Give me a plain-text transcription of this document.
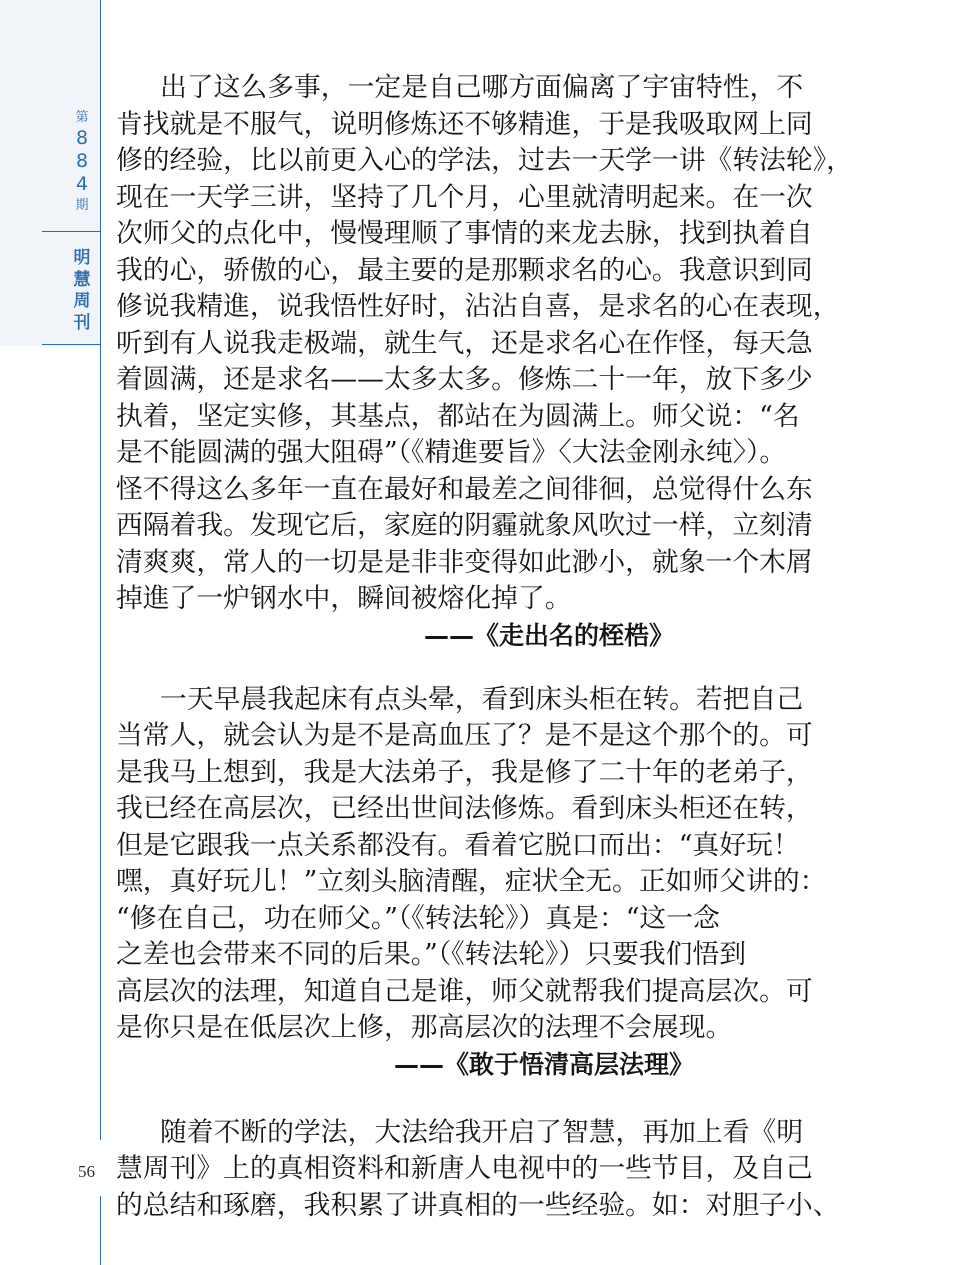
第
8
8
4
期
明
慧
周
刊
56
出了这么多事，一定是自己哪方面偏离了宇宙特性，不
肯找就是不服气，说明修炼还不够精進，于是我吸取网上同
修的经验，比以前更入心的学法，过去一天学一讲《转法轮》，
现在一天学三讲，坚持了几个月，心里就清明起来。在一次
次师父的点化中，慢慢理顺了事情的来龙去脉，找到执着自
我的心，骄傲的心，最主要的是那颗求名的心。我意识到同
修说我精進，说我悟性好时，沾沾自喜，是求名的心在表现，
听到有人说我走极端，就生气，还是求名心在作怪，每天急
着圆满，还是求名——太多太多。修炼二十一年，放下多少
执着，坚定实修，其基点，都站在为圆满上。师父说：“名
是不能圆满的强大阻碍”（《精進要旨》〈大法金刚永纯〉）。
怪不得这么多年一直在最好和最差之间徘徊，总觉得什么东
西隔着我。发现它后，家庭的阴霾就象风吹过一样，立刻清
清爽爽，常人的一切是是非非变得如此渺小，就象一个木屑
掉進了一炉钢水中，瞬间被熔化掉了。
——《走出名的桎梏》
一天早晨我起床有点头晕，看到床头柜在转。若把自己
当常人，就会认为是不是高血压了？是不是这个那个的。可
是我马上想到，我是大法弟子，我是修了二十年的老弟子，
我已经在高层次，已经出世间法修炼。看到床头柜还在转，
但是它跟我一点关系都没有。看着它脱口而出：“真好玩！
嘿，真好玩儿！”立刻头脑清醒，症状全无。正如师父讲的：
“修在自己，功在师父。”（《转法轮》）真是：“这一念
之差也会带来不同的后果。”（《转法轮》）只要我们悟到
高层次的法理，知道自己是谁，师父就帮我们提高层次。可
是你只是在低层次上修，那高层次的法理不会展现。
——《敢于悟清高层法理》
随着不断的学法，大法给我开启了智慧，再加上看《明
慧周刊》上的真相资料和新唐人电视中的一些节目，及自己
的总结和琢磨，我积累了讲真相的一些经验。如：对胆子小、
